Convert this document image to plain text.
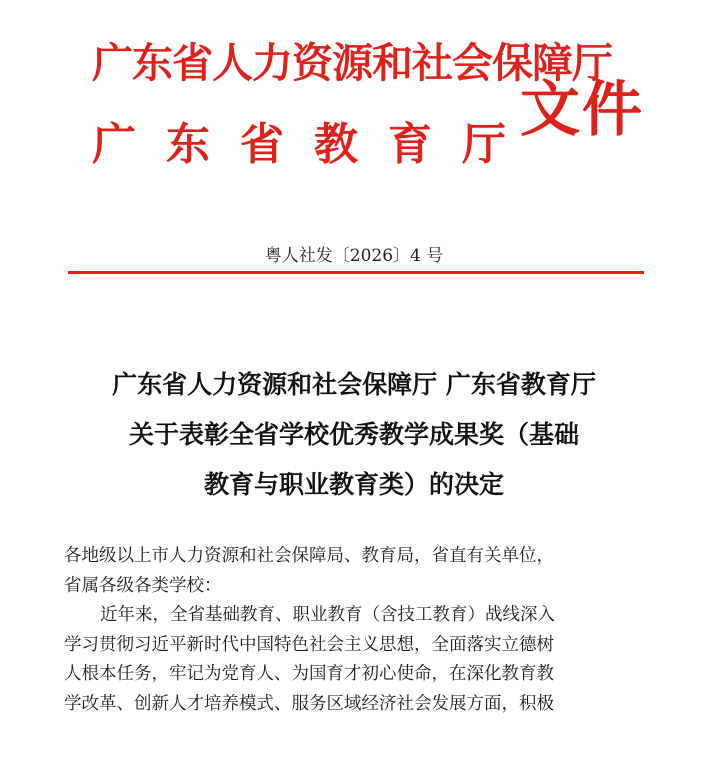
广东省人力资源和社会保障厅
广东省教育厅
文件
粤人社发〔2026〕4 号
广东省人力资源和社会保障厅 广东省教育厅
关于表彰全省学校优秀教学成果奖（基础
教育与职业教育类）的决定

各地级以上市人力资源和社会保障局、教育局，省直有关单位，

省属各级各类学校：

近年来，全省基础教育、职业教育（含技工教育）战线深入

学习贯彻习近平新时代中国特色社会主义思想，全面落实立德树

人根本任务，牢记为党育人、为国育才初心使命，在深化教育教

学改革、创新人才培养模式、服务区域经济社会发展方面，积极
